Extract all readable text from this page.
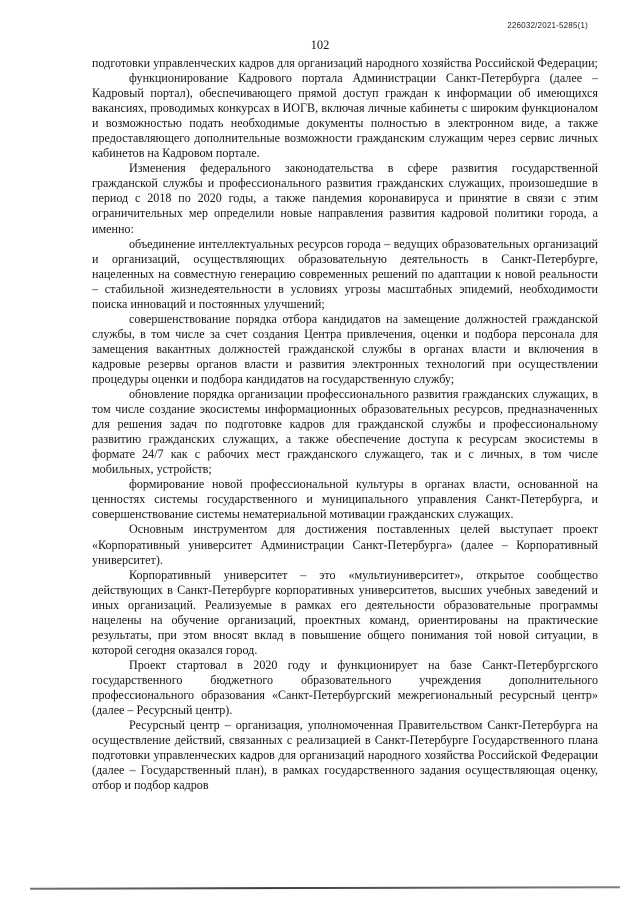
226032/2021-5285(1)
102

подготовки управленческих кадров для организаций народного хозяйства Российской Федерации;

функционирование Кадрового портала Администрации Санкт-Петербурга (далее – Кадровый портал), обеспечивающего прямой доступ граждан к информации об имеющихся вакансиях, проводимых конкурсах в ИОГВ, включая личные кабинеты с широким функционалом и возможностью подать необходимые документы полностью в электронном виде, а также предоставляющего дополнительные возможности гражданским служащим через сервис личных кабинетов на Кадровом портале.

Изменения федерального законодательства в сфере развития государственной гражданской службы и профессионального развития гражданских служащих, произошедшие в период с 2018 по 2020 годы, а также пандемия коронавируса и принятие в связи с этим ограничительных мер определили новые направления развития кадровой политики города, а именно:

объединение интеллектуальных ресурсов города – ведущих образовательных организаций и организаций, осуществляющих образовательную деятельность в Санкт-Петербурге, нацеленных на совместную генерацию современных решений по адаптации к новой реальности – стабильной жизнедеятельности в условиях угрозы масштабных эпидемий, необходимости поиска инноваций и постоянных улучшений;

совершенствование порядка отбора кандидатов на замещение должностей гражданской службы, в том числе за счет создания Центра привлечения, оценки и подбора персонала для замещения вакантных должностей гражданской службы в органах власти и включения в кадровые резервы органов власти и развития электронных технологий при осуществлении процедуры оценки и подбора кандидатов на государственную службу;

обновление порядка организации профессионального развития гражданских служащих, в том числе создание экосистемы информационных образовательных ресурсов, предназначенных для решения задач по подготовке кадров для гражданской службы и профессиональному развитию гражданских служащих, а также обеспечение доступа к ресурсам экосистемы в формате 24/7 как с рабочих мест гражданского служащего, так и с личных, в том числе мобильных, устройств;

формирование новой профессиональной культуры в органах власти, основанной на ценностях системы государственного и муниципального управления Санкт-Петербурга, и совершенствование системы нематериальной мотивации гражданских служащих.

Основным инструментом для достижения поставленных целей выступает проект «Корпоративный университет Администрации Санкт-Петербурга» (далее – Корпоративный университет).

Корпоративный университет – это «мультиуниверситет», открытое сообщество действующих в Санкт-Петербурге корпоративных университетов, высших учебных заведений и иных организаций. Реализуемые в рамках его деятельности образовательные программы нацелены на обучение организаций, проектных команд, ориентированы на практические результаты, при этом вносят вклад в повышение общего понимания той новой ситуации, в которой сегодня оказался город.

Проект стартовал в 2020 году и функционирует на базе Санкт-Петербургского государственного бюджетного образовательного учреждения дополнительного профессионального образования «Санкт-Петербургский межрегиональный ресурсный центр» (далее – Ресурсный центр).

Ресурсный центр – организация, уполномоченная Правительством Санкт-Петербурга на осуществление действий, связанных с реализацией в Санкт-Петербурге Государственного плана подготовки управленческих кадров для организаций народного хозяйства Российской Федерации (далее – Государственный план), в рамках государственного задания осуществляющая оценку, отбор и подбор кадров
